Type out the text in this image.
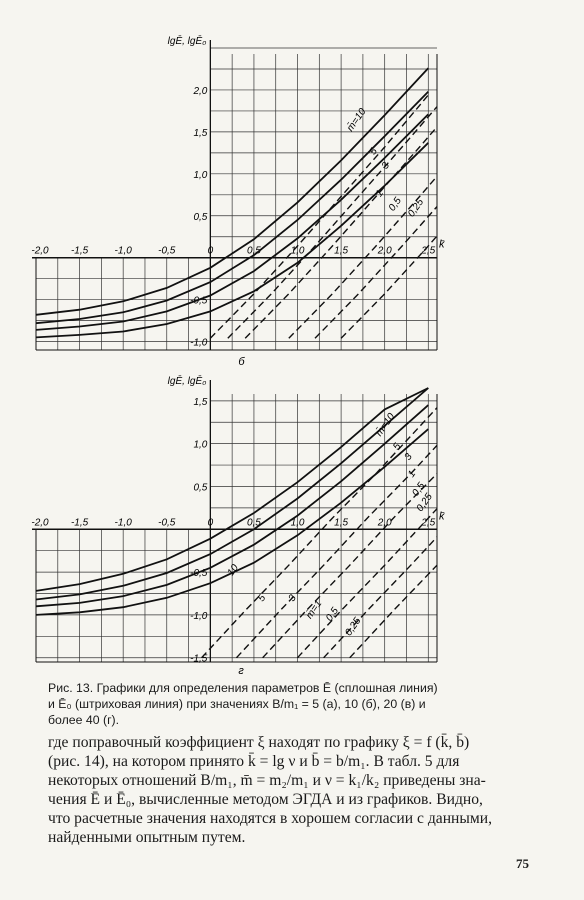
-2,0 -1,5	-1,0	-0,5	0	0,5	1,0	1,5	2,0	2,5
-1,0
-0,5
0,5
1,0
1,5
2,0
lgĒ, lgĒ₀
k̄
б
m̄=10
5
3
1
0,5 0,25
-2,0 -1,5	-1,0	-0,5	0	0,5	1,0	1,5	2,0	2,5
-1,5
-1,0
-0,5
0,5
1,0
1,5
lgĒ, lgĒ₀
k̄
г
m̄=10
5
3
1
0,5
0,25
10
5 3
m̄=1 0,5
0,25
Рис. 13. Графики для определения параметров Ē (сплошная линия)
и Ē₀ (штриховая линия) при значениях B/m₁ = 5 (а), 10 (б), 20 (в) и
более 40 (г).
где поправочный коэффициент ξ находят по графику ξ = f (k̄, b̄)
(рис. 14), на котором принято k̄ = lg ν и b̄ = b/m₁. В табл. 5 для
некоторых отношений B/m₁, m̄ = m₂/m₁ и ν = k₁/k₂ приведены зна-
чения Ē и Ē₀, вычисленные методом ЭГДА и из графиков. Видно,
что расчетные значения находятся в хорошем согласии с данными,
найденными опытным путем.
75
